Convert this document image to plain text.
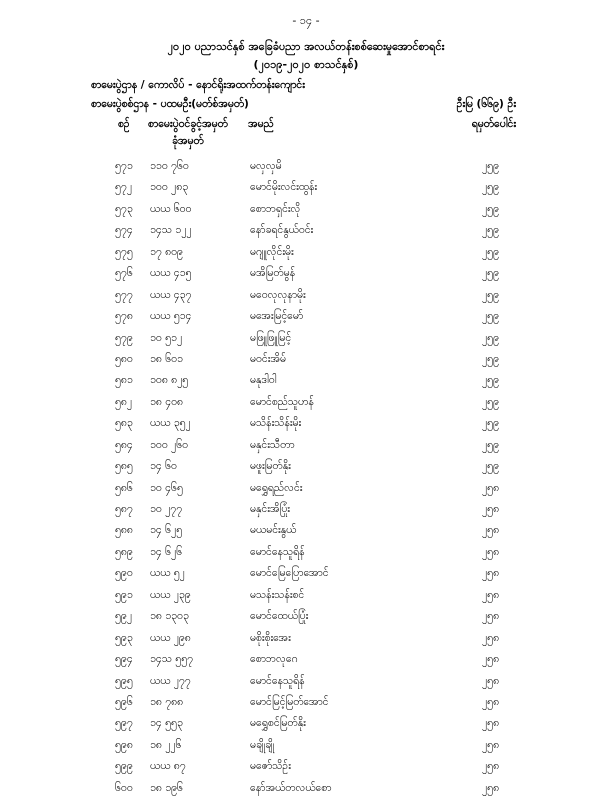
- ၁၄ -
၂၀၂၀ ပညာသင်နှစ် အခြေခံပညာ အလယ်တန်းစစ်ဆေးမှုအောင်စာရင်း
(၂၀၁၉-၂၀၂၀ စာသင်နှစ်)
စာမေးပွဲဌာန / ကောလိပ် - နောင်ရိုးအထက်တန်းကျောင်း
စာမေးပွဲစစ်ဌာန - ပထမဦး(မတ်စ်အမှတ်)	ဦးမြ (၆၆၉) ဦး
စဉ် စာမေးပွဲဝင်ခွင့်အမှတ်
ခုံအမှတ်
အမည်	ရမှတ်ပေါင်း
၅၇၁ ၁၁၀ ၇၆၀	မလှလှမိ	၂၅၉
၅၇၂ ၁၀၀ ၂၈၃	မောင်မိုးလင်းထွန်း	၂၅၉
၅၇၃ ယယ ၆၀၀	စောဘရှင်းလို	၂၅၉
၅၇၄ ၁၄သ ၁၂၂	နော်ခရင်နွယ်ဝင်း	၂၅၉
၅၇၅ ၁၇ ၈၀၉	မဂျူလိုင်းမိုး	၂၅၉
၅၇၆ ယယ ၄၁၅	မအိမြတ်မွန်	၂၅၉
၅၇၇ ယယ ၄၃၇	မဝေလုလုနာမိုး	၂၅၉
၅၇၈ ယယ ၅၁၄	မအေးမြင့်မော်	၂၅၉
၅၇၉ ၁၀ ၅၁၂	မဖြူဖြူမြင့်	၂၅၉
၅၈၀ ၁၈ ၆၀၁	မဝင်းအိမ်	၂၅၉
၅၈၁ ၁၀၈ ၈၂၅	မနုဒါဝါ	၂၅၉
၅၈၂ ၁၈ ၄၀၈	မောင်စည်သူဟန်	၂၅၉
၅၈၃ ယယ ၃၅၂	မသိန်းသိန်းမိုး	၂၅၉
၅၈၄ ၁၀၀ ၂၆၀	မနှင်းသီတာ	၂၅၉
၅၈၅ ၁၄ ၆၀	မဖူးမြတ်နိုး	၂၅၉
၅၈၆ ၁၀ ၄၆၅	မရွှေရည်လင်း	၂၅၈
၅၈၇ ၁၀ ၂၇၇	မနှင်းအိပြုံး	၂၅၈
၅၈၈ ၁၄ ၆၂၅	မယမင်းနွယ်	၂၅၈
၅၈၉ ၁၄ ၆၂၆	မောင်နေသူရိန်	၂၅၈
၅၉၀ ယယ ၅၂	မောင်မြေပြောအောင်	၂၅၈
၅၉၁ ယယ ၂၃၉	မသန်းသန်းစင်	၂၅၈
၅၉၂ ၁၈ ၁၃၀၃	မောင်ထေယ်ပြုံး	၂၅၈
၅၉၃ ယယ ၂၉၈	မစိုးစိုးအေး	၂၅၈
၅၉၄ ၁၄သ ၅၅၇	စောဘလုဂေ	၂၅၈
၅၉၅ ယယ ၂၇၇	မောင်နေသူရိန်	၂၅၈
၅၉၆ ၁၈ ၇၈၈	မောင်မြင့်မြတ်အောင်	၂၅၈
၅၉၇ ၁၄ ၅၅၃	မရွှေစင်မြတ်နိုး	၂၅၈
၅၉၈ ၁၈ ၂၂၆	မချိုချို	၂၅၈
၅၉၉ ယယ ၈၇	မဇော်သိဉ်း	၂၅၈
၆၀၀ ၁၈ ၁၉၆	နော်အယ်တလယ်စော	၂၅၈
